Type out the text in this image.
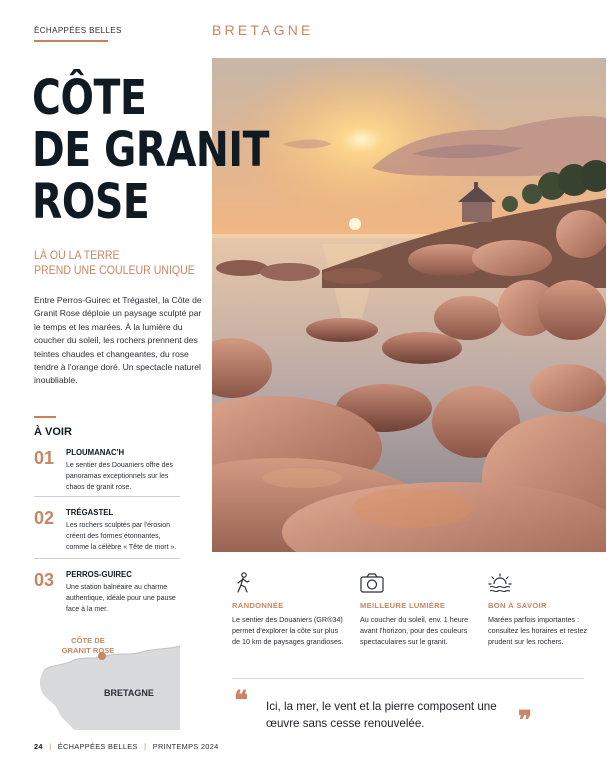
ÉCHAPPÉES BELLES	BRETAGNE
CÔTE
DE GRANIT
ROSE
LÀ OÙ LA TERRE
PREND UNE COULEUR UNIQUE
Entre Perros-Guirec et Trégastel, la Côte de Granit Rose déploie un paysage sculpté par le temps et les marées. À la lumière du coucher du soleil, les rochers prennent des teintes chaudes et changeantes, du rose tendre à l'orange doré. Un spectacle naturel inoubliable.
À VOIR
01 PLOUMANAC'H
Le sentier des Douaniers offre des panoramas exceptionnels sur les chaos de granit rose.
02 TRÉGASTEL
Les rochers sculptés par l'érosion créent des formes étonnantes, comme la célèbre « Tête de mort ».
03 PERROS-GUIREC
Une station balnéaire au charme authentique, idéale pour une pause face à la mer.
CÔTE DE
GRANIT ROSE
BRETAGNE
RANDONNÉE
Le sentier des Douaniers (GR®34) permet d'explorer la côte sur plus de 10 km de paysages grandioses.
MEILLEURE LUMIÈRE
Au coucher du soleil, env. 1 heure avant l'horizon, pour des couleurs spectaculaires sur le granit.
BON À SAVOIR
Marées parfois importantes : consultez les horaires et restez prudent sur les rochers.
❝ Ici, la mer, le vent et la pierre composent une œuvre sans cesse renouvelée.	❞
24 | ÉCHAPPÉES BELLES | PRINTEMPS 2024
